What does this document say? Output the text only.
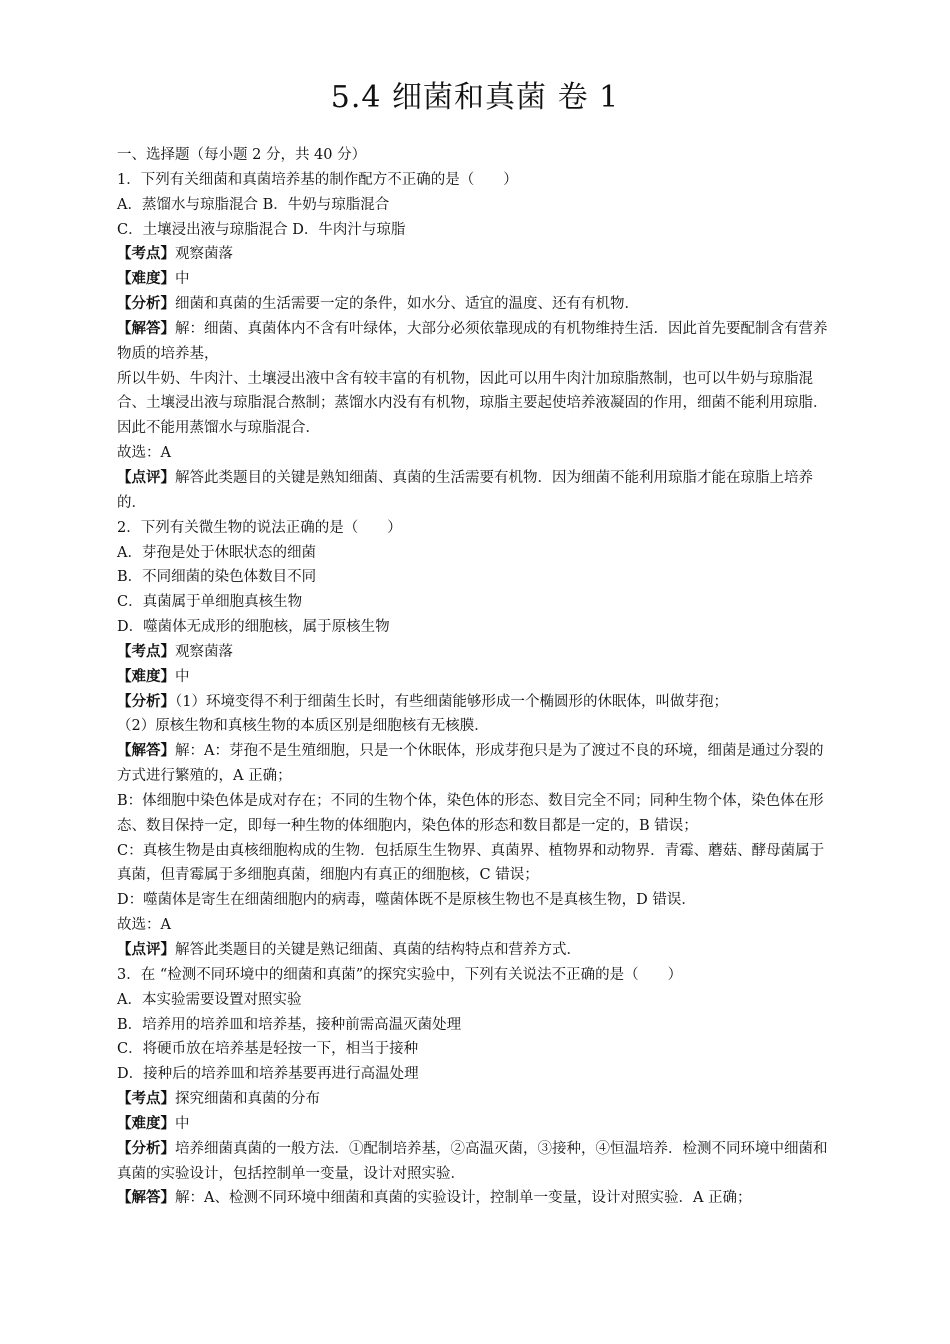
5.4 细菌和真菌 卷 1

一、选择题（每小题 2 分，共 40 分）

1．下列有关细菌和真菌培养基的制作配方不正确的是（　　）

A．蒸馏水与琼脂混合 B．牛奶与琼脂混合

C．土壤浸出液与琼脂混合 D．牛肉汁与琼脂

【考点】观察菌落

【难度】中

【分析】细菌和真菌的生活需要一定的条件，如水分、适宜的温度、还有有机物．

【解答】解：细菌、真菌体内不含有叶绿体，大部分必须依靠现成的有机物维持生活．因此首先要配制含有营养物质的培养基，

所以牛奶、牛肉汁、土壤浸出液中含有较丰富的有机物，因此可以用牛肉汁加琼脂熬制，也可以牛奶与琼脂混合、土壤浸出液与琼脂混合熬制；蒸馏水内没有有机物，琼脂主要起使培养液凝固的作用，细菌不能利用琼脂．因此不能用蒸馏水与琼脂混合．

故选：A

【点评】解答此类题目的关键是熟知细菌、真菌的生活需要有机物．因为细菌不能利用琼脂才能在琼脂上培养的．

2．下列有关微生物的说法正确的是（　　）

A．芽孢是处于休眠状态的细菌

B．不同细菌的染色体数目不同

C．真菌属于单细胞真核生物

D．噬菌体无成形的细胞核，属于原核生物

【考点】观察菌落

【难度】中

【分析】（1）环境变得不利于细菌生长时，有些细菌能够形成一个椭圆形的休眠体，叫做芽孢；

（2）原核生物和真核生物的本质区别是细胞核有无核膜．

【解答】解：A：芽孢不是生殖细胞，只是一个休眠体，形成芽孢只是为了渡过不良的环境，细菌是通过分裂的方式进行繁殖的，A 正确；

B：体细胞中染色体是成对存在；不同的生物个体，染色体的形态、数目完全不同；同种生物个体，染色体在形态、数目保持一定，即每一种生物的体细胞内，染色体的形态和数目都是一定的，B 错误；

C：真核生物是由真核细胞构成的生物．包括原生生物界、真菌界、植物界和动物界．青霉、蘑菇、酵母菌属于真菌，但青霉属于多细胞真菌，细胞内有真正的细胞核，C 错误；

D：噬菌体是寄生在细菌细胞内的病毒，噬菌体既不是原核生物也不是真核生物，D 错误．

故选：A

【点评】解答此类题目的关键是熟记细菌、真菌的结构特点和营养方式．

3．在 “检测不同环境中的细菌和真菌”的探究实验中，下列有关说法不正确的是（　　）

A．本实验需要设置对照实验

B．培养用的培养皿和培养基，接种前需高温灭菌处理

C．将硬币放在培养基是轻按一下，相当于接种

D．接种后的培养皿和培养基要再进行高温处理

【考点】探究细菌和真菌的分布

【难度】中

【分析】培养细菌真菌的一般方法．①配制培养基，②高温灭菌，③接种，④恒温培养．检测不同环境中细菌和真菌的实验设计，包括控制单一变量，设计对照实验．

【解答】解：A、检测不同环境中细菌和真菌的实验设计，控制单一变量，设计对照实验．A 正确；
